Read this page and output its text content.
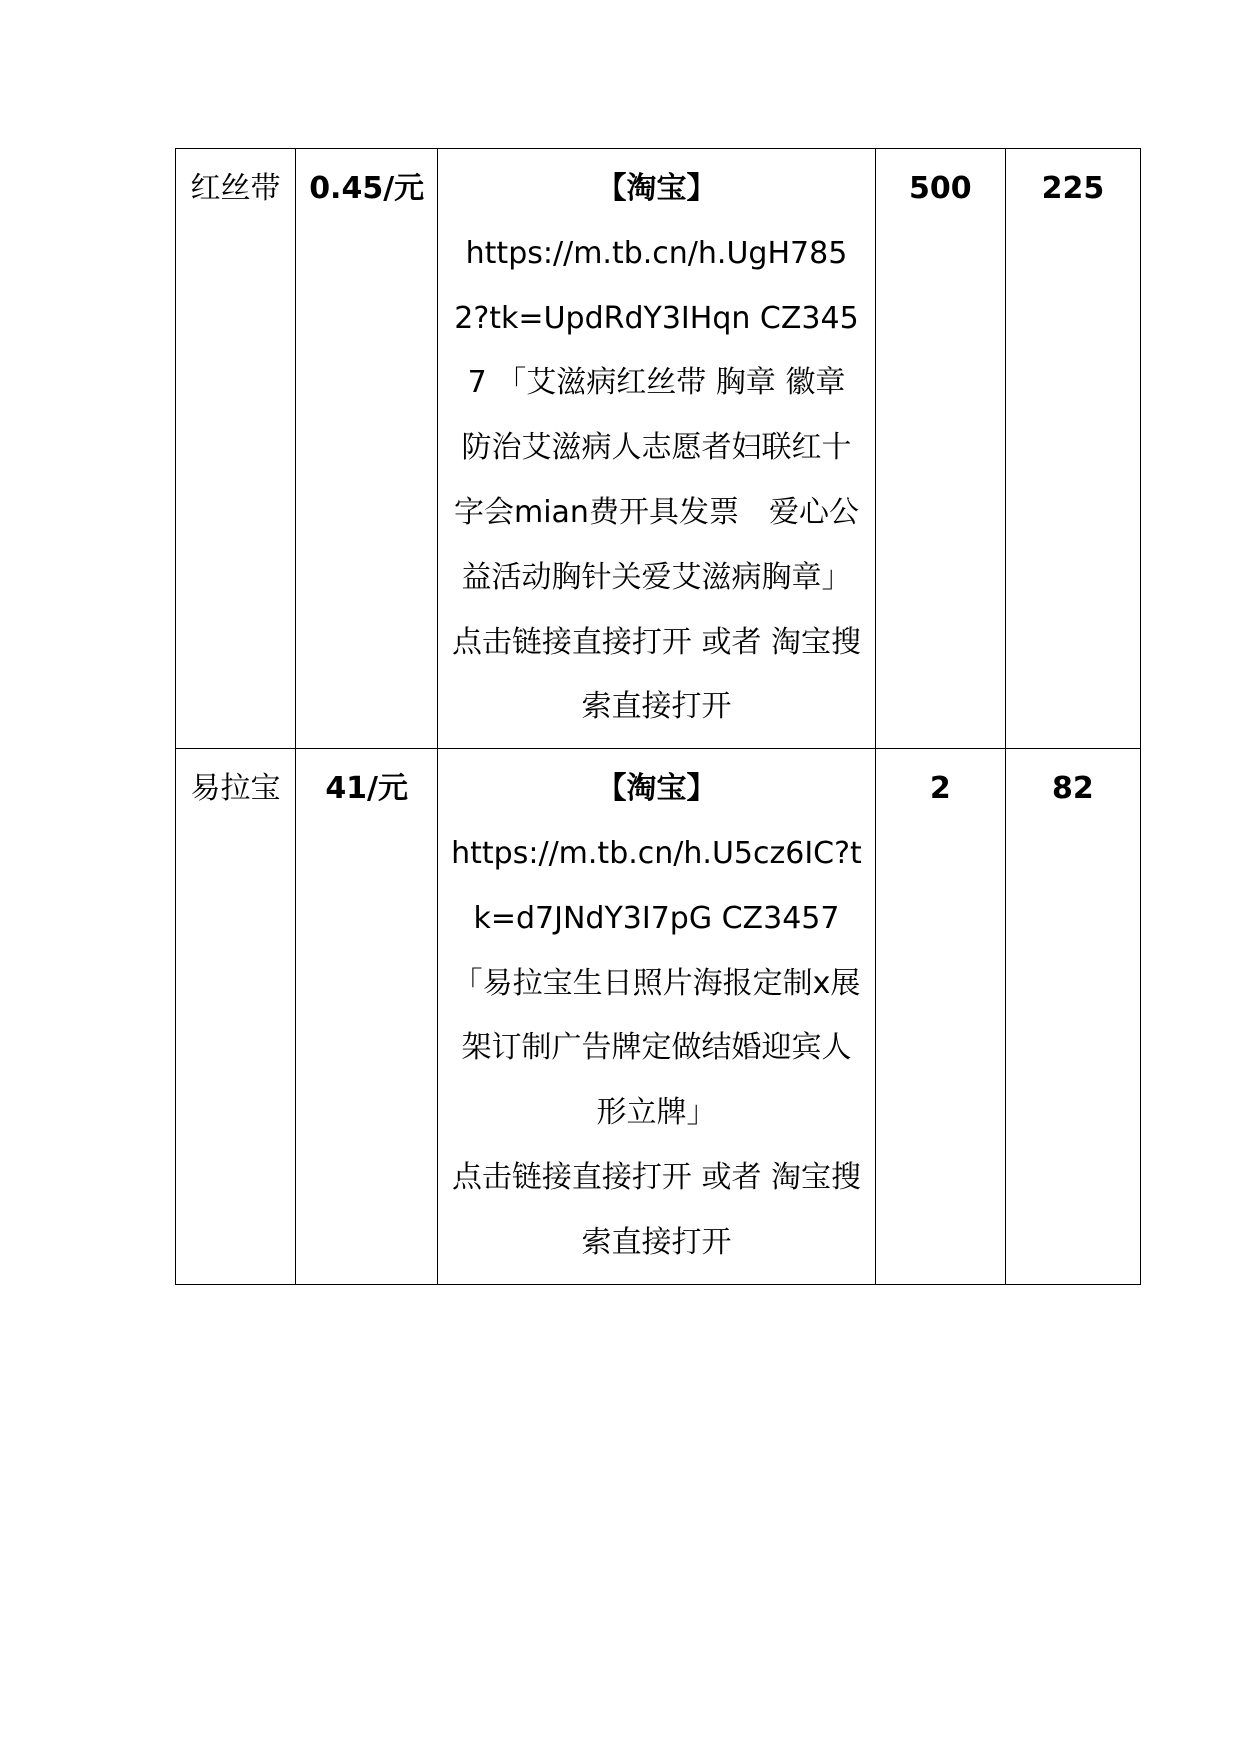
红丝带	0.45/元	【淘宝】
https://m.tb.cn/h.UgH7852?tk=UpdRdY3IHqn CZ3457 「艾滋病红丝带 胸章 徽章 防治艾滋病人志愿者妇联红十字会mian费开具发票　爱心公益活动胸针关爱艾滋病胸章」
点击链接直接打开 或者 淘宝搜索直接打开	500	225
易拉宝	41/元	【淘宝】
https://m.tb.cn/h.U5cz6IC?tk=d7JNdY3I7pG CZ3457 「易拉宝生日照片海报定制x展架订制广告牌定做结婚迎宾人形立牌」
点击链接直接打开 或者 淘宝搜索直接打开	2	82
